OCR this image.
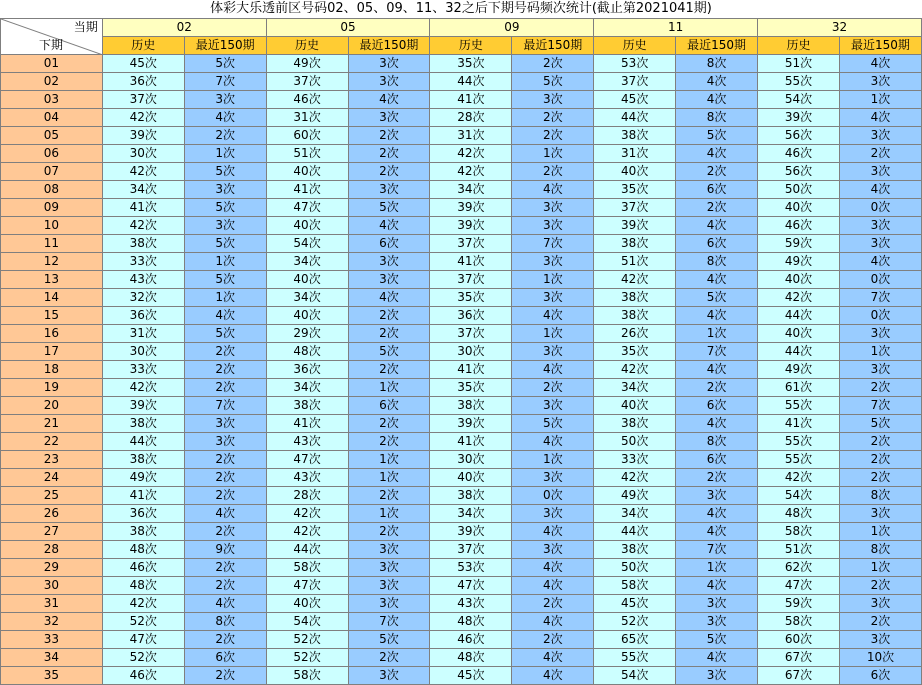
体彩大乐透前区号码02、05、09、11、32之后下期号码频次统计(截止第2021041期)
当期
下期	02		05		09		11		32	
	历史	最近150期	历史	最近150期	历史	最近150期	历史	最近150期	历史	最近150期
01	45次	5次	49次	3次	35次	2次	53次	8次	51次	4次
02	36次	7次	37次	3次	44次	5次	37次	4次	55次	3次
03	37次	3次	46次	4次	41次	3次	45次	4次	54次	1次
04	42次	4次	31次	3次	28次	2次	44次	8次	39次	4次
05	39次	2次	60次	2次	31次	2次	38次	5次	56次	3次
06	30次	1次	51次	2次	42次	1次	31次	4次	46次	2次
07	42次	5次	40次	2次	42次	2次	40次	2次	56次	3次
08	34次	3次	41次	3次	34次	4次	35次	6次	50次	4次
09	41次	5次	47次	5次	39次	3次	37次	2次	40次	0次
10	42次	3次	40次	4次	39次	3次	39次	4次	46次	3次
11	38次	5次	54次	6次	37次	7次	38次	6次	59次	3次
12	33次	1次	34次	3次	41次	3次	51次	8次	49次	4次
13	43次	5次	40次	3次	37次	1次	42次	4次	40次	0次
14	32次	1次	34次	4次	35次	3次	38次	5次	42次	7次
15	36次	4次	40次	2次	36次	4次	38次	4次	44次	0次
16	31次	5次	29次	2次	37次	1次	26次	1次	40次	3次
17	30次	2次	48次	5次	30次	3次	35次	7次	44次	1次
18	33次	2次	36次	2次	41次	4次	42次	4次	49次	3次
19	42次	2次	34次	1次	35次	2次	34次	2次	61次	2次
20	39次	7次	38次	6次	38次	3次	40次	6次	55次	7次
21	38次	3次	41次	2次	39次	5次	38次	4次	41次	5次
22	44次	3次	43次	2次	41次	4次	50次	8次	55次	2次
23	38次	2次	47次	1次	30次	1次	33次	6次	55次	2次
24	49次	2次	43次	1次	40次	3次	42次	2次	42次	2次
25	41次	2次	28次	2次	38次	0次	49次	3次	54次	8次
26	36次	4次	42次	1次	34次	3次	34次	4次	48次	3次
27	38次	2次	42次	2次	39次	4次	44次	4次	58次	1次
28	48次	9次	44次	3次	37次	3次	38次	7次	51次	8次
29	46次	2次	58次	3次	53次	4次	50次	1次	62次	1次
30	48次	2次	47次	3次	47次	4次	58次	4次	47次	2次
31	42次	4次	40次	3次	43次	2次	45次	3次	59次	3次
32	52次	8次	54次	7次	48次	4次	52次	3次	58次	2次
33	47次	2次	52次	5次	46次	2次	65次	5次	60次	3次
34	52次	6次	52次	2次	48次	4次	55次	4次	67次	10次
35	46次	2次	58次	3次	45次	4次	54次	3次	67次	6次
